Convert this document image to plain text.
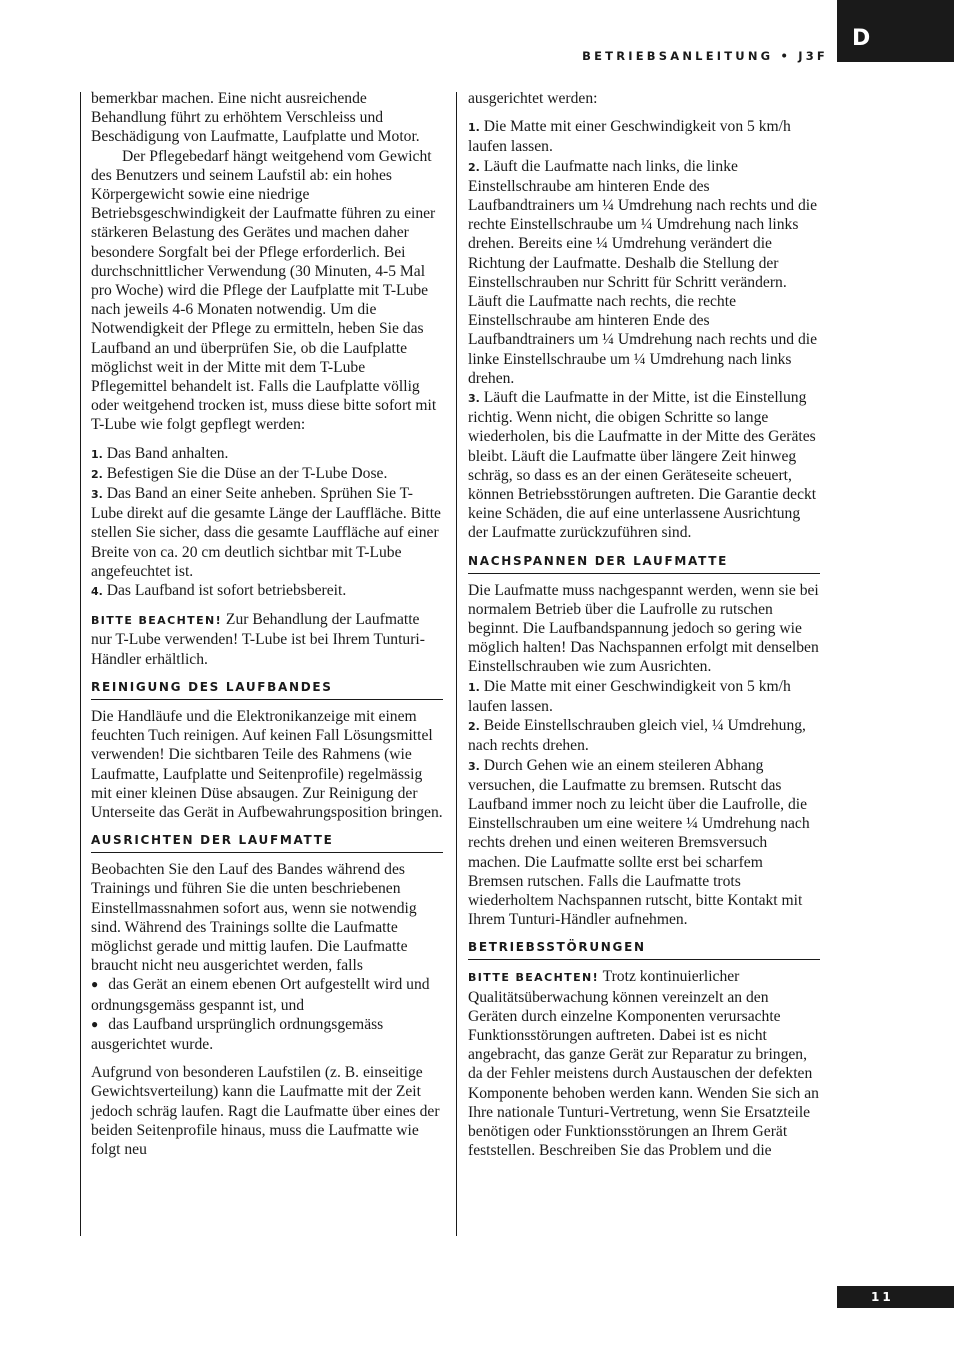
D
BETRIEBSANLEITUNG • J3F

bemerkbar machen. Eine nicht ausreichende Behandlung führt zu erhöhtem Verschleiss und Beschädigung von Laufmatte, Laufplatte und Motor.

Der Pflegebedarf hängt weitgehend vom Gewicht des Benutzers und seinem Laufstil ab: ein hohes Körpergewicht sowie eine niedrige Betriebsgeschwindigkeit der Laufmatte führen zu einer stärkeren Belastung des Gerätes und machen daher besondere Sorgfalt bei der Pflege erforderlich. Bei durchschnittlicher Verwendung (30 Minuten, 4-5 Mal pro Woche) wird die Pflege der Laufplatte mit T-Lube nach jeweils 4-6 Monaten notwendig. Um die Notwendigkeit der Pflege zu ermitteln, heben Sie das Laufband an und überprüfen Sie, ob die Laufplatte möglichst weit in der Mitte mit dem T-Lube Pflegemittel behandelt ist. Falls die Laufplatte völlig oder weitgehend trocken ist, muss diese bitte sofort mit T-Lube wie folgt gepflegt werden:

1. Das Band anhalten.

2. Befestigen Sie die Düse an der T-Lube Dose.

3. Das Band an einer Seite anheben. Sprühen Sie T-Lube direkt auf die gesamte Länge der Lauffläche. Bitte stellen Sie sicher, dass die gesamte Lauffläche auf einer Breite von ca. 20 cm deutlich sichtbar mit T-Lube angefeuchtet ist.

4. Das Laufband ist sofort betriebsbereit.

BITTE BEACHTEN! Zur Behandlung der Laufmatte nur T-Lube verwenden! T-Lube ist bei Ihrem Tunturi-Händler erhältlich.

REINIGUNG DES LAUFBANDES

Die Handläufe und die Elektronikanzeige mit einem feuchten Tuch reinigen. Auf keinen Fall Lösungsmittel verwenden! Die sichtbaren Teile des Rahmens (wie Laufmatte, Laufplatte und Seitenprofile) regelmässig mit einer kleinen Düse absaugen. Zur Reinigung der Unterseite das Gerät in Aufbewahrungsposition bringen.

AUSRICHTEN DER LAUFMATTE

Beobachten Sie den Lauf des Bandes während des Trainings und führen Sie die unten beschriebenen Einstellmassnahmen sofort aus, wenn sie notwendig sind. Während des Trainings sollte die Laufmatte möglichst gerade und mittig laufen. Die Laufmatte braucht nicht neu ausgerichtet werden, falls

● das Gerät an einem ebenen Ort aufgestellt wird und ordnungsgemäss gespannt ist, und

● das Laufband ursprünglich ordnungsgemäss ausgerichtet wurde.

Aufgrund von besonderen Laufstilen (z. B. einseitige Gewichtsverteilung) kann die Laufmatte mit der Zeit jedoch schräg laufen. Ragt die Laufmatte über eines der beiden Seitenprofile hinaus, muss die Laufmatte wie folgt neu

ausgerichtet werden:

1. Die Matte mit einer Geschwindigkeit von 5 km/h laufen lassen.

2. Läuft die Laufmatte nach links, die linke Einstellschraube am hinteren Ende des Laufbandtrainers um ¼ Umdrehung nach rechts und die rechte Einstellschraube um ¼ Umdrehung nach links drehen. Bereits eine ¼ Umdrehung verändert die Richtung der Laufmatte. Deshalb die Stellung der Einstellschrauben nur Schritt für Schritt verändern. Läuft die Laufmatte nach rechts, die rechte Einstellschraube am hinteren Ende des Laufbandtrainers um ¼ Umdrehung nach rechts und die linke Einstellschraube um ¼ Umdrehung nach links drehen.

3. Läuft die Laufmatte in der Mitte, ist die Einstellung richtig. Wenn nicht, die obigen Schritte so lange wiederholen, bis die Laufmatte in der Mitte des Gerätes bleibt. Läuft die Laufmatte über längere Zeit hinweg schräg, so dass es an der einen Geräteseite scheuert, können Betriebsstörungen auftreten. Die Garantie deckt keine Schäden, die auf eine unterlassene Ausrichtung der Laufmatte zurückzuführen sind.

NACHSPANNEN DER LAUFMATTE

Die Laufmatte muss nachgespannt werden, wenn sie bei normalem Betrieb über die Laufrolle zu rutschen beginnt. Die Laufbandspannung jedoch so gering wie möglich halten! Das Nachspannen erfolgt mit denselben Einstellschrauben wie zum Ausrichten.

1. Die Matte mit einer Geschwindigkeit von 5 km/h laufen lassen.

2. Beide Einstellschrauben gleich viel, ¼ Umdrehung, nach rechts drehen.

3. Durch Gehen wie an einem steileren Abhang versuchen, die Laufmatte zu bremsen. Rutscht das Laufband immer noch zu leicht über die Laufrolle, die Einstellschrauben um eine weitere ¼ Umdrehung nach rechts drehen und einen weiteren Bremsversuch machen. Die Laufmatte sollte erst bei scharfem Bremsen rutschen. Falls die Laufmatte trots wiederholtem Nachspannen rutscht, bitte Kontakt mit Ihrem Tunturi-Händler aufnehmen.

BETRIEBSSTÖRUNGEN

BITTE BEACHTEN! Trotz kontinuierlicher Qualitätsüberwachung können vereinzelt an den Geräten durch einzelne Komponenten verursachte Funktionsstörungen auftreten. Dabei ist es nicht angebracht, das ganze Gerät zur Reparatur zu bringen, da der Fehler meistens durch Austauschen der defekten Komponente behoben werden kann. Wenden Sie sich an Ihre nationale Tunturi-Vertretung, wenn Sie Ersatzteile benötigen oder Funktionsstörungen an Ihrem Gerät feststellen. Beschreiben Sie das Problem und die

11
